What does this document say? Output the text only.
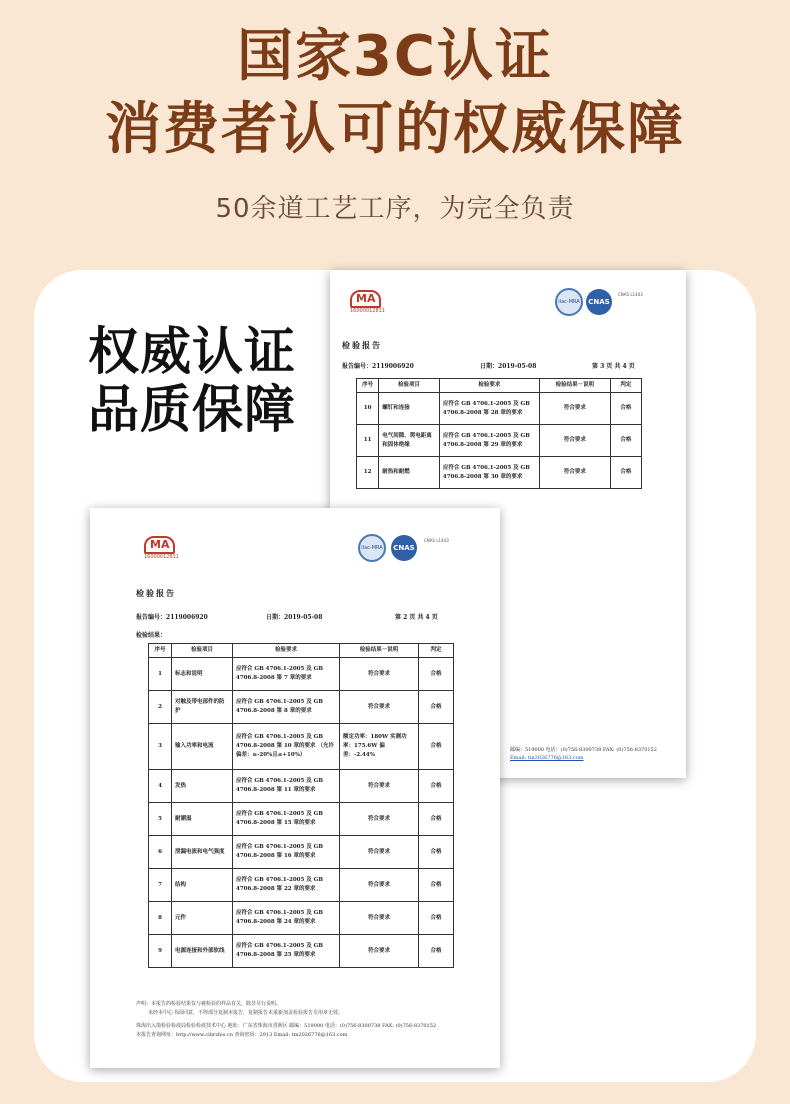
国家3C认证
消费者认可的权威保障
50余道工艺工序，为完全负责
MA
16000012811
ilac-MRA	CNAS
CNAS L1443
检验报告
报告编号：2119006920	日期：2019-05-08	第 3 页 共 4 页
序号	检验项目	检验要求	检验结果－说明	判定
10	螺钉和连接	应符合 GB 4706.1-2005 及 GB 4706.8-2008 第 28 章的要求	符合要求	合格
11	电气间隙、爬电距离和固体绝缘	应符合 GB 4706.1-2005 及 GB 4706.8-2008 第 29 章的要求	符合要求	合格
12	耐热和耐燃	应符合 GB 4706.1-2005 及 GB 4706.8-2008 第 30 章的要求	符合要求	合格
邮编：519000 电话：(0)756-8300738 FAX: (0)756-8370152
Email: tm2026776@163.com
权威认证
品质保障
MA
16000012811
ilac-MRA	CNAS
CNAS L1443
检验报告
报告编号：2119006920	日期：2019-05-08	第 2 页 共 4 页
检验结果：
序号	检验项目	检验要求	检验结果－说明	判定
1	标志和说明	应符合 GB 4706.1-2005 及 GB 4706.8-2008 第 7 章的要求	符合要求	合格
2	对触及带电部件的防护	应符合 GB 4706.1-2005 及 GB 4706.8-2008 第 8 章的要求	符合要求	合格
3	输入功率和电流	应符合 GB 4706.1-2005 及 GB 4706.8-2008 第 10 章的要求 （允许偏差：≥-20%且≤+10%）	额定功率：180W 实测功率：175.6W 偏差：-2.44%	合格
4	发热	应符合 GB 4706.1-2005 及 GB 4706.8-2008 第 11 章的要求	符合要求	合格
5	耐潮湿	应符合 GB 4706.1-2005 及 GB 4706.8-2008 第 15 章的要求	符合要求	合格
6	泄漏电流和电气强度	应符合 GB 4706.1-2005 及 GB 4706.8-2008 第 16 章的要求	符合要求	合格
7	结构	应符合 GB 4706.1-2005 及 GB 4706.8-2008 第 22 章的要求	符合要求	合格
8	元件	应符合 GB 4706.1-2005 及 GB 4706.8-2008 第 24 章的要求	符合要求	合格
9	电源连接和外部软线	应符合 GB 4706.1-2005 及 GB 4706.8-2008 第 25 章的要求	符合要求	合格
声明：本报告的检验结果仅与被检验的样品有关，除非另行说明。
未经本中心书面同意，不得部分复制本报告，复制报告未重新加盖检验报告专用章无效。
珠海出入境检验检疫局检验检疫技术中心 地址：广东省珠海市香洲区 邮编：519000 电话：(0)756-8300738 FAX: (0)756-8370152
本报告查询网址：http://www.cibrzhis.cn 查询密码：2913 Email: tm2026776@163.com
